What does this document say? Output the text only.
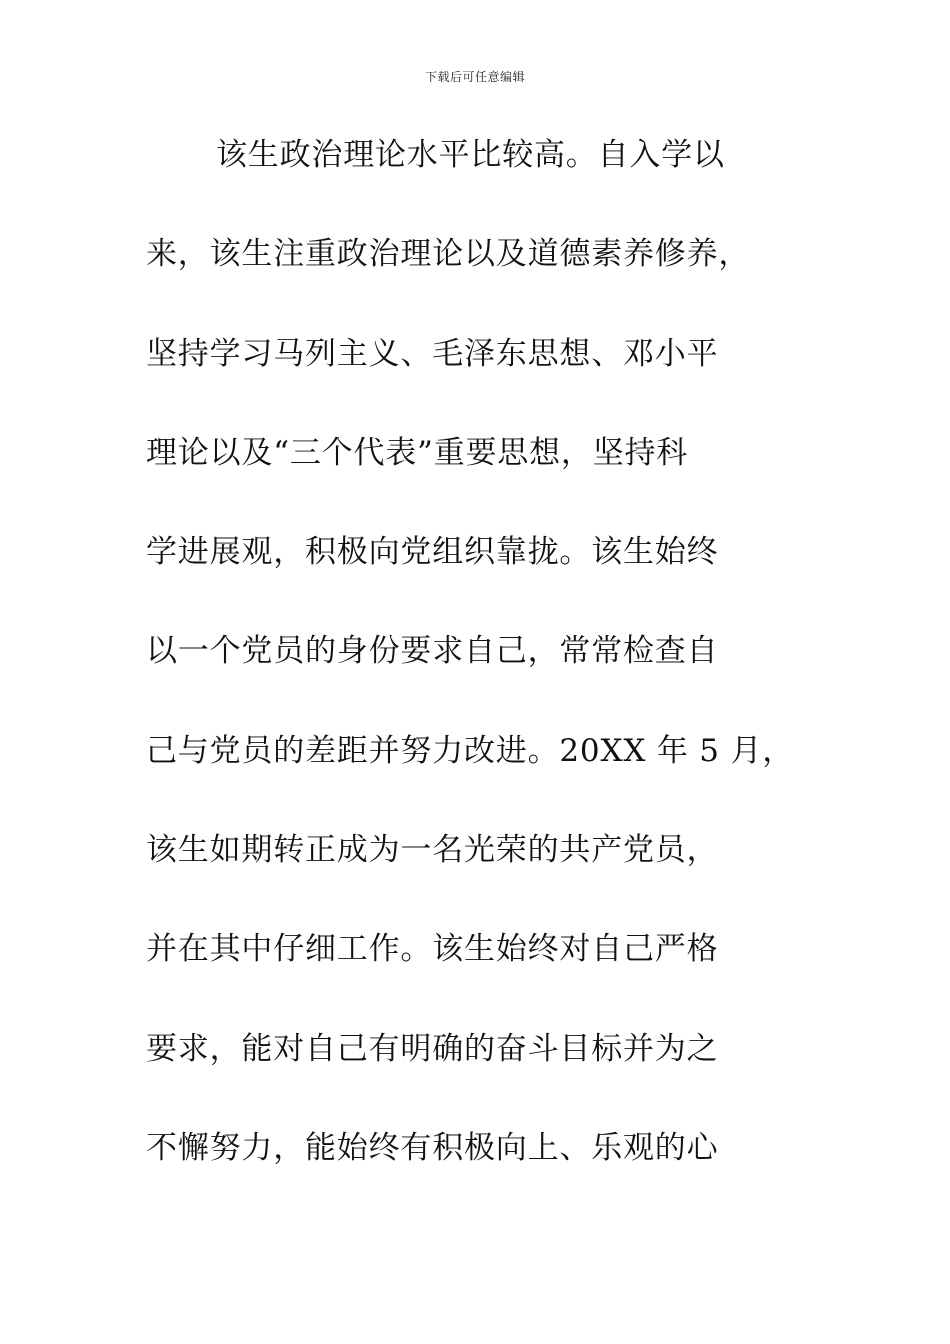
下载后可任意编辑
该生政治理论水平比较高。自入学以
来，该生注重政治理论以及道德素养修养，
坚持学习马列主义、毛泽东思想、邓小平
理论以及“三个代表”重要思想，坚持科
学进展观，积极向党组织靠拢。该生始终
以一个党员的身份要求自己，常常检查自
己与党员的差距并努力改进。20XX 年 5 月，
该生如期转正成为一名光荣的共产党员，
并在其中仔细工作。该生始终对自己严格
要求，能对自己有明确的奋斗目标并为之
不懈努力，能始终有积极向上、乐观的心
